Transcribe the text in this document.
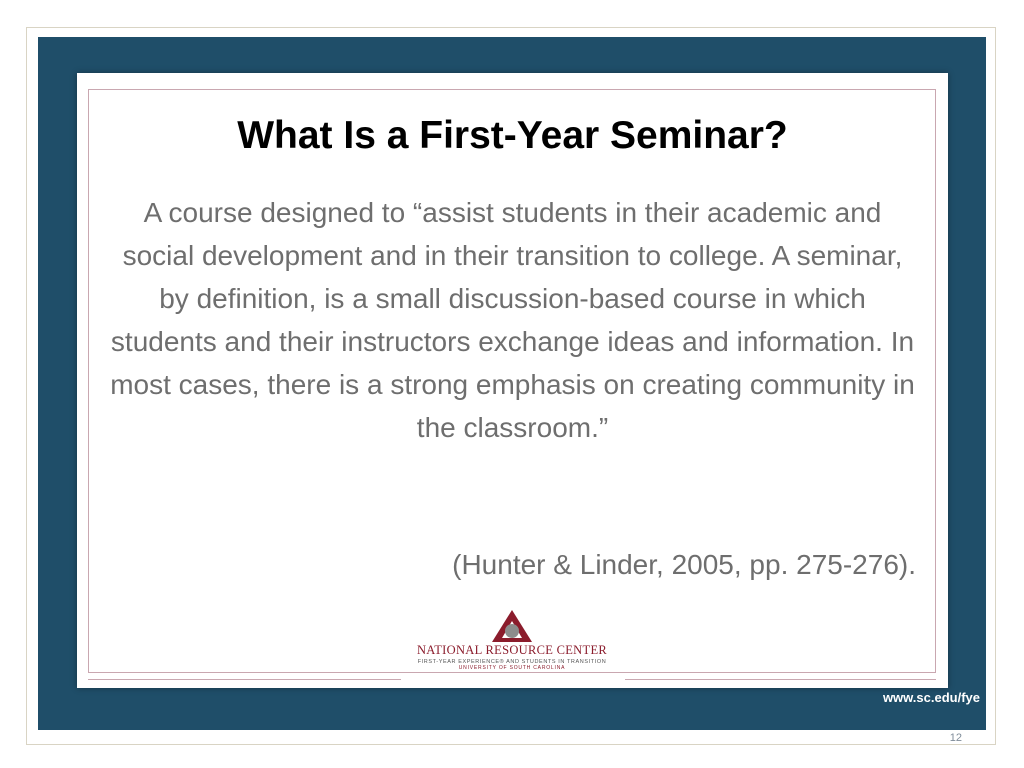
What Is a First-Year Seminar?
A course designed to “assist students in their academic and social development and in their transition to college. A seminar, by definition, is a small discussion-based course in which students and their instructors exchange ideas and information. In most cases, there is a strong emphasis on creating community in the classroom.”
(Hunter & Linder, 2005, pp. 275-276).
NATIONAL RESOURCE CENTER
FIRST-YEAR EXPERIENCE® AND STUDENTS IN TRANSITION
UNIVERSITY OF SOUTH CAROLINA
www.sc.edu/fye
12
